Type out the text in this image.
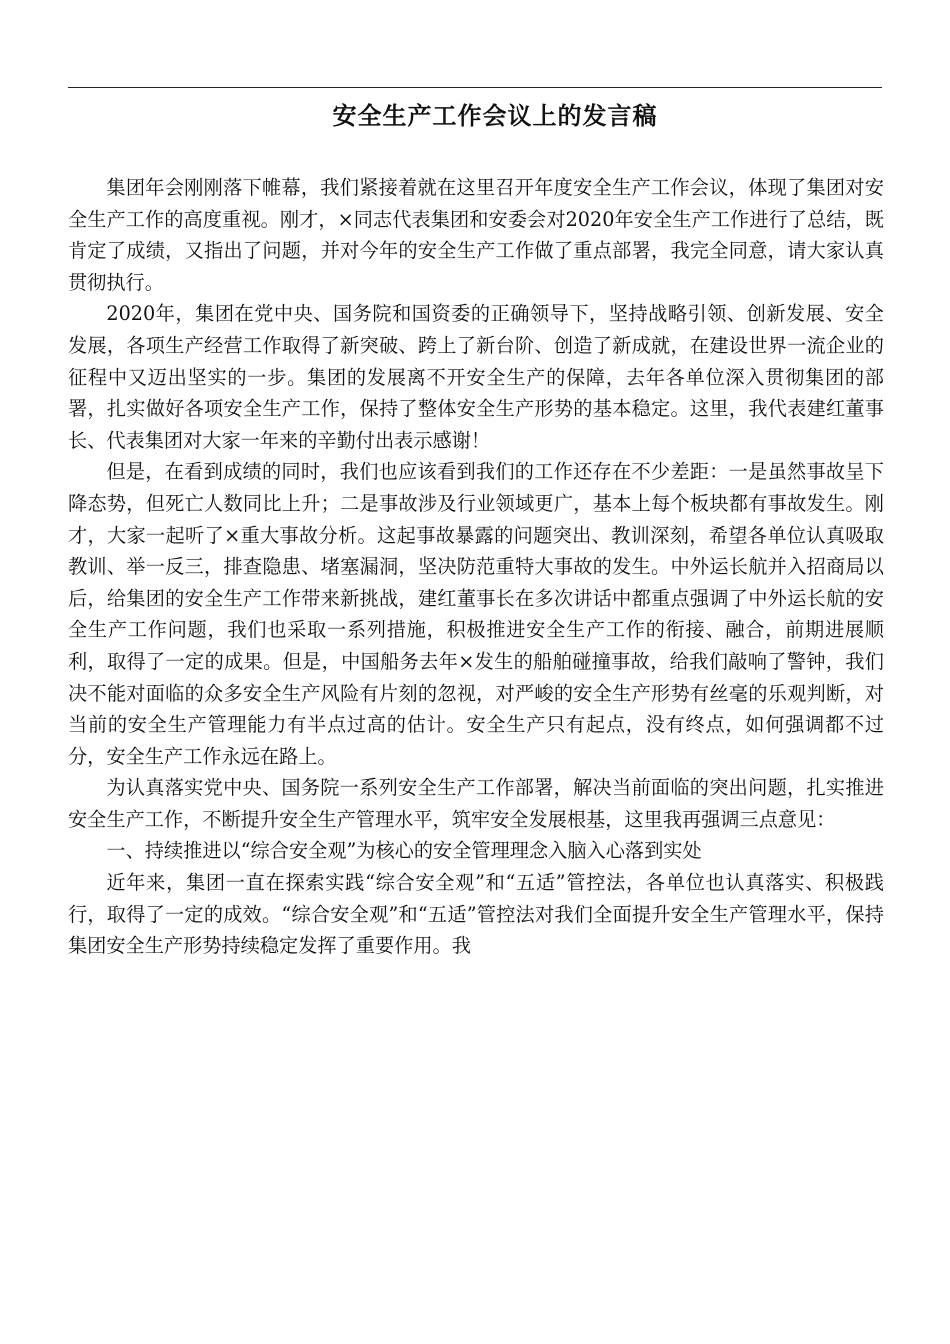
安全生产工作会议上的发言稿

集团年会刚刚落下帷幕，我们紧接着就在这里召开年度安全生产工作会议，体现了集团对安全生产工作的高度重视。刚才，×同志代表集团和安委会对2020年安全生产工作进行了总结，既肯定了成绩，又指出了问题，并对今年的安全生产工作做了重点部署，我完全同意，请大家认真贯彻执行。

2020年，集团在党中央、国务院和国资委的正确领导下，坚持战略引领、创新发展、安全发展，各项生产经营工作取得了新突破、跨上了新台阶、创造了新成就，在建设世界一流企业的征程中又迈出坚实的一步。集团的发展离不开安全生产的保障，去年各单位深入贯彻集团的部署，扎实做好各项安全生产工作，保持了整体安全生产形势的基本稳定。这里，我代表建红董事长、代表集团对大家一年来的辛勤付出表示感谢！

但是，在看到成绩的同时，我们也应该看到我们的工作还存在不少差距：一是虽然事故呈下降态势，但死亡人数同比上升；二是事故涉及行业领域更广，基本上每个板块都有事故发生。刚才，大家一起听了×重大事故分析。这起事故暴露的问题突出、教训深刻，希望各单位认真吸取教训、举一反三，排查隐患、堵塞漏洞，坚决防范重特大事故的发生。中外运长航并入招商局以后，给集团的安全生产工作带来新挑战，建红董事长在多次讲话中都重点强调了中外运长航的安全生产工作问题，我们也采取一系列措施，积极推进安全生产工作的衔接、融合，前期进展顺利，取得了一定的成果。但是，中国船务去年×发生的船舶碰撞事故，给我们敲响了警钟，我们决不能对面临的众多安全生产风险有片刻的忽视，对严峻的安全生产形势有丝毫的乐观判断，对当前的安全生产管理能力有半点过高的估计。安全生产只有起点，没有终点，如何强调都不过分，安全生产工作永远在路上。

为认真落实党中央、国务院一系列安全生产工作部署，解决当前面临的突出问题，扎实推进安全生产工作，不断提升安全生产管理水平，筑牢安全发展根基，这里我再强调三点意见：

一、持续推进以“综合安全观”为核心的安全管理理念入脑入心落到实处

近年来，集团一直在探索实践“综合安全观”和“五适”管控法，各单位也认真落实、积极践行，取得了一定的成效。“综合安全观”和“五适”管控法对我们全面提升安全生产管理水平，保持集团安全生产形势持续稳定发挥了重要作用。我
